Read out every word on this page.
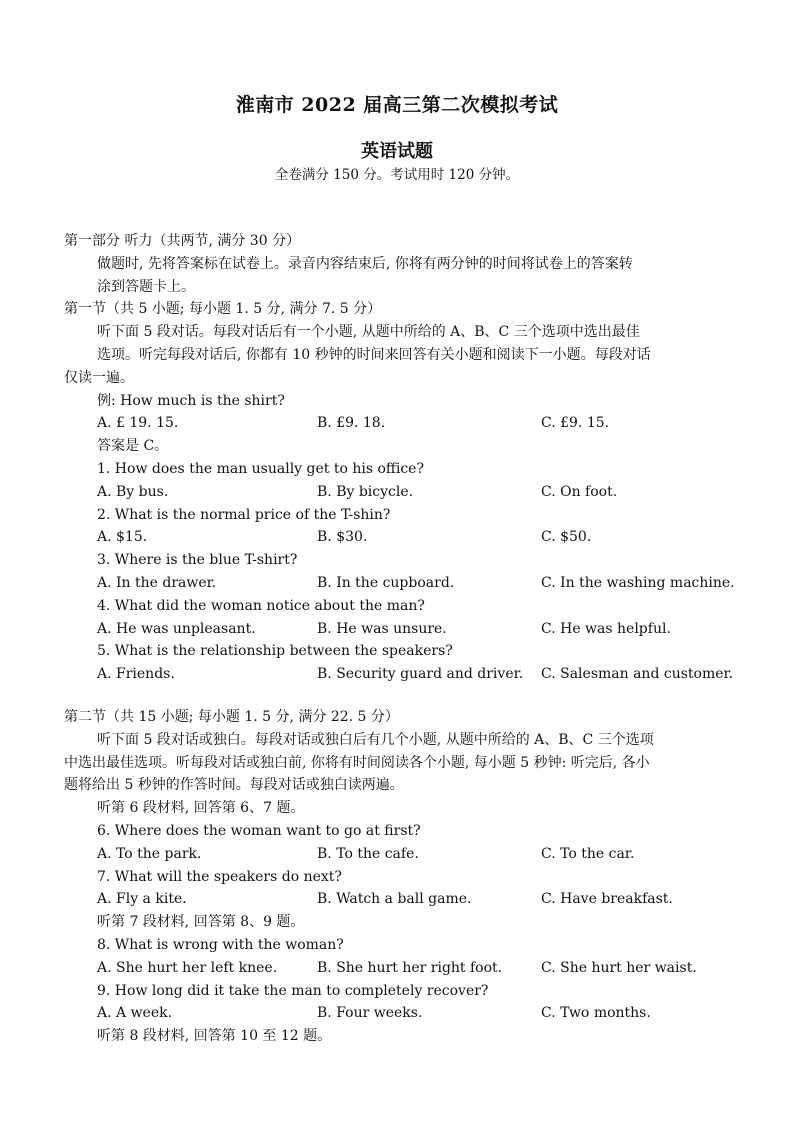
淮南市 2022 届高三第二次模拟考试
英语试题
全卷满分 150 分。考试用时 120 分钟。
第一部分 听力（共两节, 满分 30 分）
做题时, 先将答案标在试卷上。录音内容结束后, 你将有两分钟的时间将试卷上的答案转
涂到答题卡上。
第一节（共 5 小题; 每小题 1. 5 分, 满分 7. 5 分）
听下面 5 段对话。每段对话后有一个小题, 从题中所给的 A、B、C 三个选项中选出最佳
选项。听完每段对话后, 你都有 10 秒钟的时间来回答有关小题和阅读下一小题。每段对话
仅读一遍。
例: How much is the shirt?
A. £ 19. 15.	B. £9. 18.	C. £9. 15.
答案是 C。
1. How does the man usually get to his office?
A. By bus.	B. By bicycle.	C. On foot.
2. What is the normal price of the T-shin?
A. $15.	B. $30.	C. $50.
3. Where is the blue T-shirt?
A. In the drawer.	B. In the cupboard.	C. In the washing machine.
4. What did the woman notice about the man?
A. He was unpleasant.	B. He was unsure.	C. He was helpful.
5. What is the relationship between the speakers?
A. Friends.	B. Security guard and driver. C. Salesman and customer.
第二节（共 15 小题; 每小题 1. 5 分, 满分 22. 5 分）
听下面 5 段对话或独白。每段对话或独白后有几个小题, 从题中所给的 A、B、C 三个选项
中选出最佳选项。听每段对话或独白前, 你将有时间阅读各个小题, 每小题 5 秒钟: 听完后, 各小
题将给出 5 秒钟的作答时间。每段对话或独白读两遍。
听第 6 段材料, 回答第 6、7 题。
6. Where does the woman want to go at first?
A. To the park.	B. To the cafe.	C. To the car.
7. What will the speakers do next?
A. Fly a kite.	B. Watch a ball game.	C. Have breakfast.
听第 7 段材料, 回答第 8、9 题。
8. What is wrong with the woman?
A. She hurt her left knee.	B. She hurt her right foot.	C. She hurt her waist.
9. How long did it take the man to completely recover?
A. A week.	B. Four weeks.	C. Two months.
听第 8 段材料, 回答第 10 至 12 题。
